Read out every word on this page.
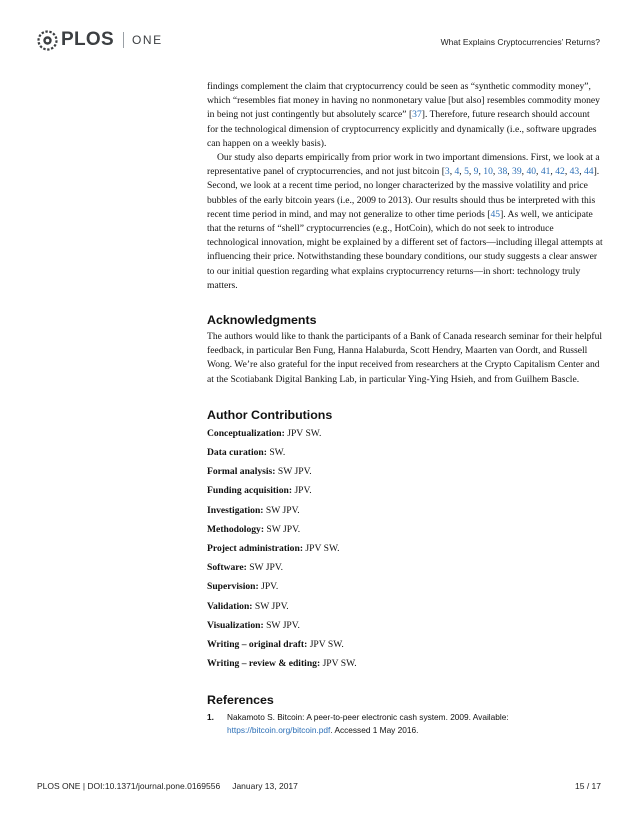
PLOS ONE	What Explains Cryptocurrencies’ Returns?

findings complement the claim that cryptocurrency could be seen as “synthetic commodity money”, which “resembles fiat money in having no nonmonetary value [but also] resembles commodity money in being not just contingently but absolutely scarce” [37]. Therefore, future research should account for the technological dimension of cryptocurrency explicitly and dynamically (i.e., software upgrades can happen on a weekly basis).

Our study also departs empirically from prior work in two important dimensions. First, we look at a representative panel of cryptocurrencies, and not just bitcoin [3, 4, 5, 9, 10, 38, 39, 40, 41, 42, 43, 44]. Second, we look at a recent time period, no longer characterized by the massive volatility and price bubbles of the early bitcoin years (i.e., 2009 to 2013). Our results should thus be interpreted with this recent time period in mind, and may not generalize to other time periods [45]. As well, we anticipate that the returns of “shell” cryptocurrencies (e.g., HotCoin), which do not seek to introduce technological innovation, might be explained by a different set of factors—including illegal attempts at influencing their price. Notwithstanding these boundary conditions, our study suggests a clear answer to our initial question regarding what explains cryptocurrency returns—in short: technology truly matters.

Acknowledgments

The authors would like to thank the participants of a Bank of Canada research seminar for their helpful feedback, in particular Ben Fung, Hanna Halaburda, Scott Hendry, Maarten van Oordt, and Russell Wong. We’re also grateful for the input received from researchers at the Crypto Capitalism Center and at the Scotiabank Digital Banking Lab, in particular Ying-Ying Hsieh, and from Guilhem Bascle.

Author Contributions
Conceptualization: JPV SW.
Data curation: SW.
Formal analysis: SW JPV.
Funding acquisition: JPV.
Investigation: SW JPV.
Methodology: SW JPV.
Project administration: JPV SW.
Software: SW JPV.
Supervision: JPV.
Validation: SW JPV.
Visualization: SW JPV.
Writing – original draft: JPV SW.
Writing – review & editing: JPV SW.
References
1.	Nakamoto S. Bitcoin: A peer-to-peer electronic cash system. 2009. Available: https://bitcoin.org/bitcoin.pdf. Accessed 1 May 2016.
PLOS ONE | DOI:10.1371/journal.pone.0169556 January 13, 2017	15 / 17
